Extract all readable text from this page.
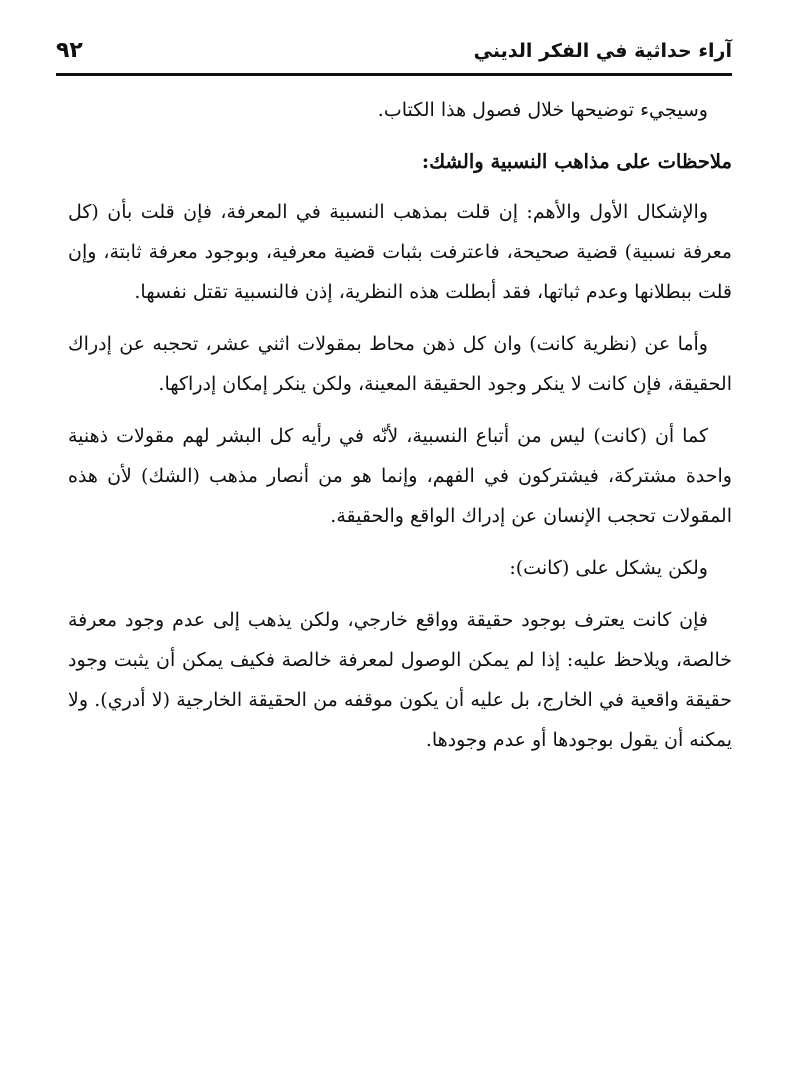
٩٢	آراء حداثية في الفكر الديني

وسيجيء توضيحها خلال فصول هذا الكتاب.

ملاحظات على مذاهب النسبية والشك:

والإشكال الأول والأهم: إن قلت بمذهب النسبية في المعرفة، فإن قلت بأن (كل معرفة نسبية) قضية صحيحة، فاعترفت بثبات قضية معرفية، وبوجود معرفة ثابتة، وإن قلت ببطلانها وعدم ثباتها، فقد أبطلت هذه النظرية، إذن فالنسبية تقتل نفسها.

وأما عن (نظرية كانت) وان كل ذهن محاط بمقولات اثني عشر، تحجبه عن إدراك الحقيقة، فإن كانت لا ينكر وجود الحقيقة المعينة، ولكن ينكر إمكان إدراكها.

كما أن (كانت) ليس من أتباع النسبية، لأنّه في رأيه كل البشر لهم مقولات ذهنية واحدة مشتركة، فيشتركون في الفهم، وإنما هو من أنصار مذهب (الشك) لأن هذه المقولات تحجب الإنسان عن إدراك الواقع والحقيقة.

ولكن يشكل على (كانت):

فإن كانت يعترف بوجود حقيقة وواقع خارجي، ولكن يذهب إلى عدم وجود معرفة خالصة، ويلاحظ عليه: إذا لم يمكن الوصول لمعرفة خالصة فكيف يمكن أن يثبت وجود حقيقة واقعية في الخارج، بل عليه أن يكون موقفه من الحقيقة الخارجية (لا أدري). ولا يمكنه أن يقول بوجودها أو عدم وجودها.
